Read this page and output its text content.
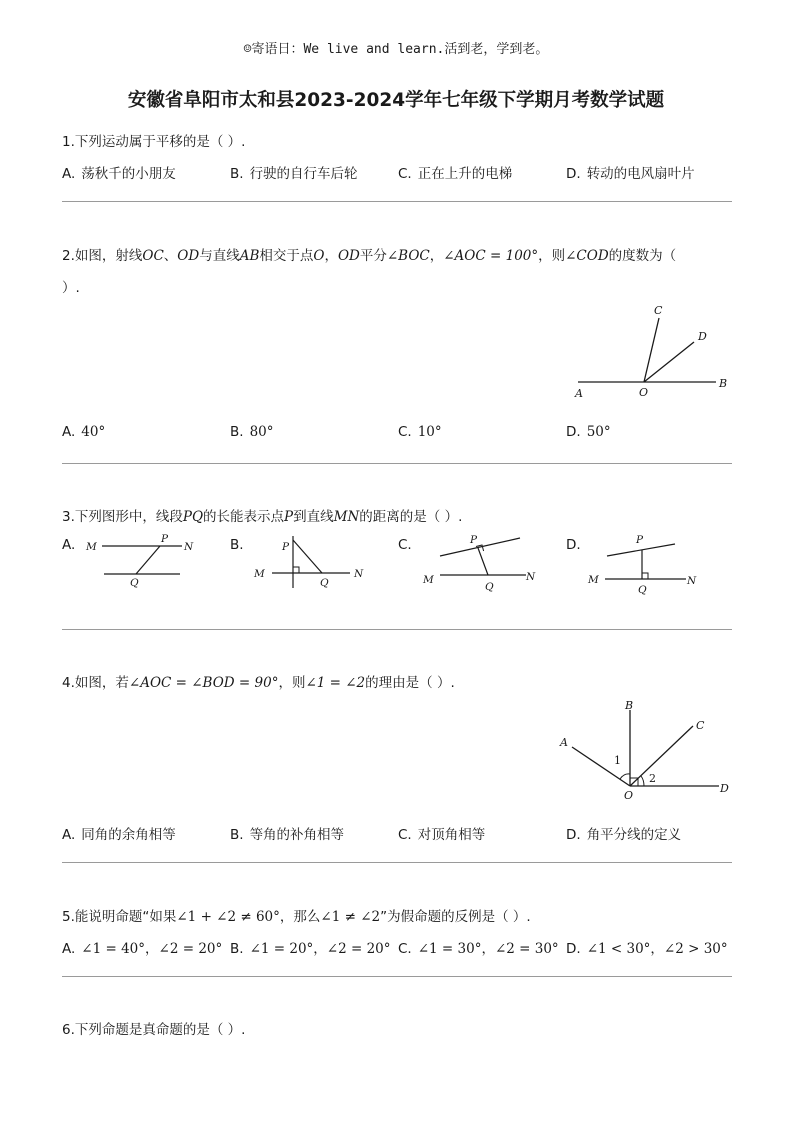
☺寄语日：We live and learn.活到老，学到老。
安徽省阜阳市太和县2023-2024学年七年级下学期月考数学试题
1.下列运动属于平移的是（ ）.
A. 荡秋千的小朋友	B. 行驶的自行车后轮	C. 正在上升的电梯	D. 转动的电风扇叶片
2.如图，射线OC、OD与直线AB相交于点O，OD平分∠BOC，∠AOC = 100°，则∠COD的度数为（
）.
C
D
A	O
B
A. 40°	B. 80°	C. 10°	D. 50°
3.下列图形中，线段PQ的长能表示点P到直线MN的距离的是（ ）.
A.	M	N
P
Q
B.
M	N
P
Q
C.
M	N
P
Q
D.
M	N
P
Q
4.如图，若∠AOC = ∠BOD = 90°，则∠1 = ∠2的理由是（ ）.
B
C
A
D
O
1
2
A. 同角的余角相等	B. 等角的补角相等	C. 对顶角相等	D. 角平分线的定义
5.能说明命题“如果∠1 + ∠2 ≠ 60°，那么∠1 ≠ ∠2”为假命题的反例是（ ）.
A. ∠1 = 40°，∠2 = 20° B. ∠1 = 20°，∠2 = 20° C. ∠1 = 30°，∠2 = 30° D. ∠1 < 30°，∠2 > 30°
6.下列命题是真命题的是（ ）.
